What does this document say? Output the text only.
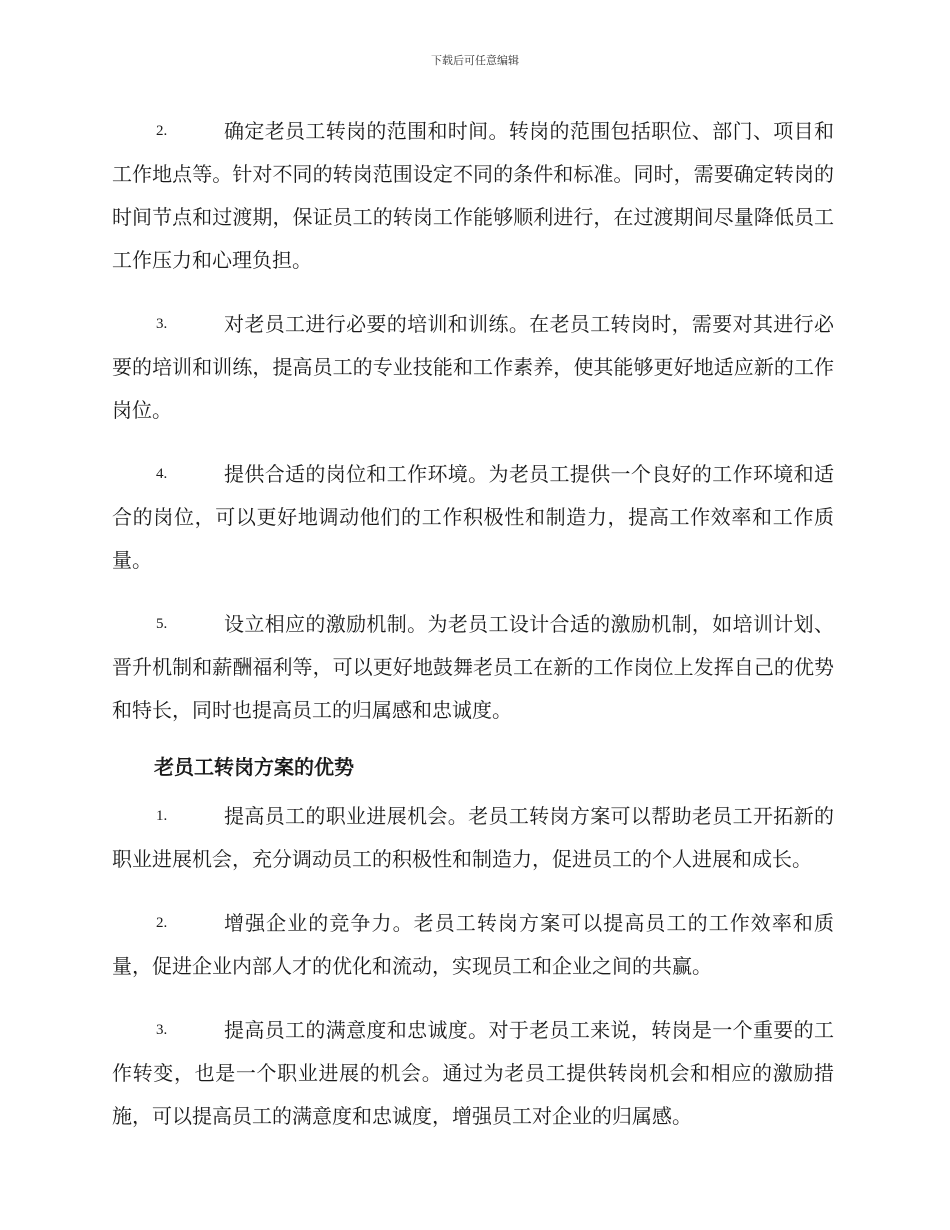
下载后可任意编辑

2.	确定老员工转岗的范围和时间。转岗的范围包括职位、部门、项目和工作地点等。针对不同的转岗范围设定不同的条件和标准。同时，需要确定转岗的时间节点和过渡期，保证员工的转岗工作能够顺利进行，在过渡期间尽量降低员工工作压力和心理负担。

3.	对老员工进行必要的培训和训练。在老员工转岗时，需要对其进行必要的培训和训练，提高员工的专业技能和工作素养，使其能够更好地适应新的工作岗位。

4.	提供合适的岗位和工作环境。为老员工提供一个良好的工作环境和适合的岗位，可以更好地调动他们的工作积极性和制造力，提高工作效率和工作质量。

5.	设立相应的激励机制。为老员工设计合适的激励机制，如培训计划、晋升机制和薪酬福利等，可以更好地鼓舞老员工在新的工作岗位上发挥自己的优势和特长，同时也提高员工的归属感和忠诚度。

老员工转岗方案的优势

1.	提高员工的职业进展机会。老员工转岗方案可以帮助老员工开拓新的职业进展机会，充分调动员工的积极性和制造力，促进员工的个人进展和成长。

2.	增强企业的竞争力。老员工转岗方案可以提高员工的工作效率和质量，促进企业内部人才的优化和流动，实现员工和企业之间的共赢。

3.	提高员工的满意度和忠诚度。对于老员工来说，转岗是一个重要的工作转变，也是一个职业进展的机会。通过为老员工提供转岗机会和相应的激励措施，可以提高员工的满意度和忠诚度，增强员工对企业的归属感。
